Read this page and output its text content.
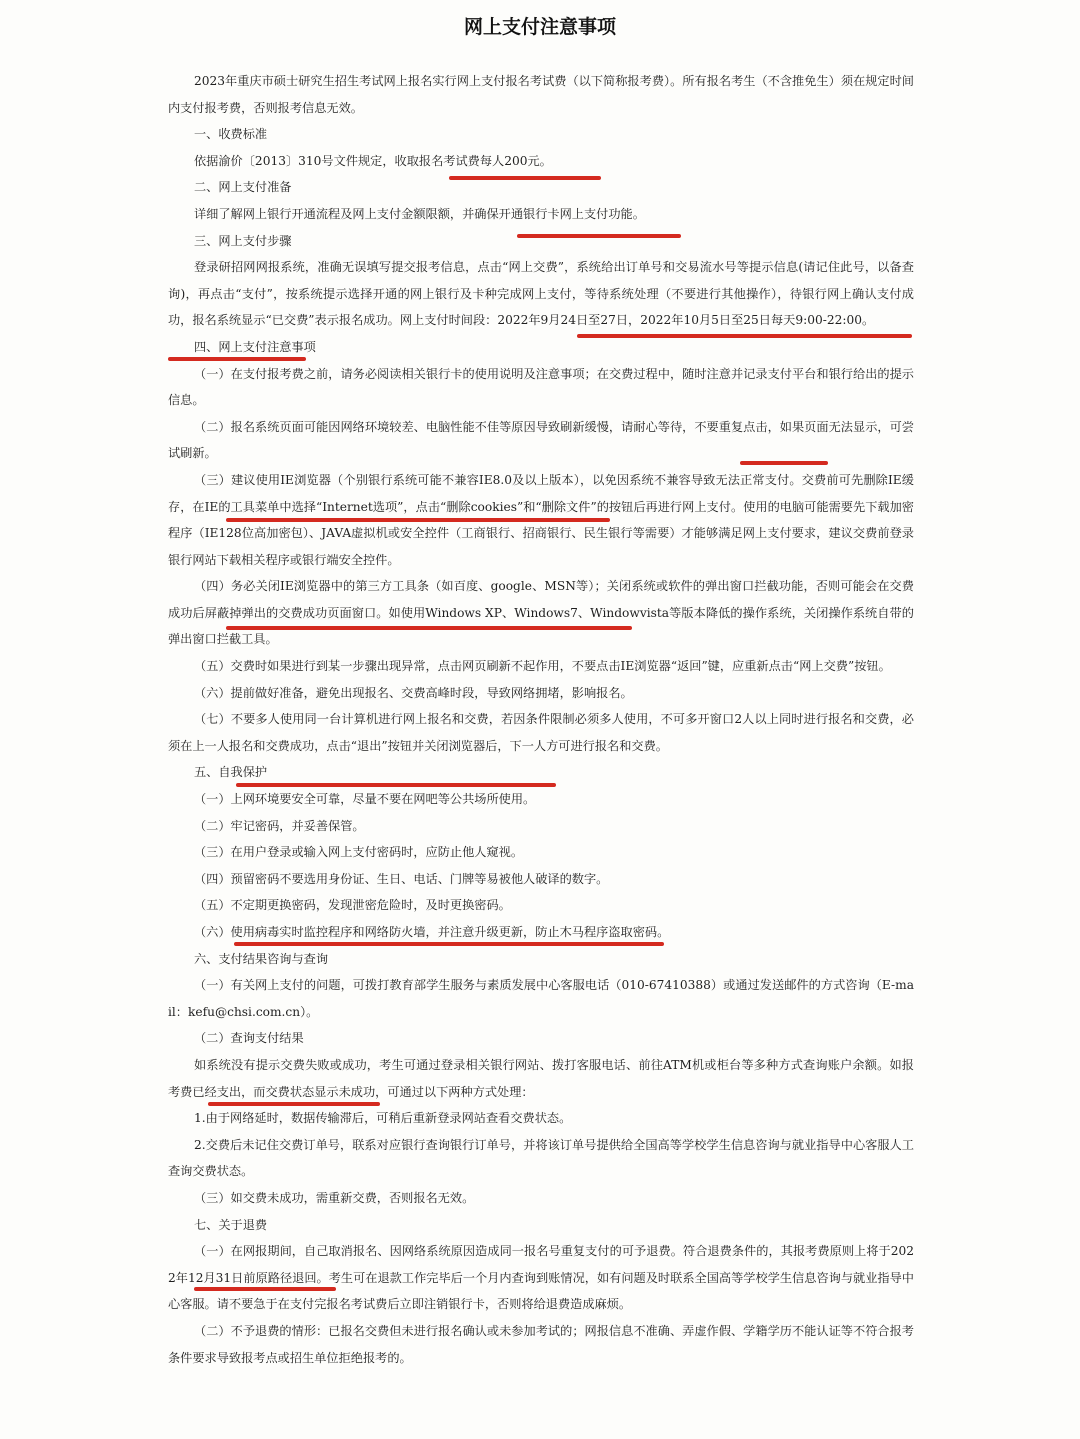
网上支付注意事项

2023年重庆市硕士研究生招生考试网上报名实行网上支付报名考试费（以下简称报考费）。所有报名考生（不含推免生）须在规定时间内支付报考费，否则报考信息无效。

一、收费标准

依据渝价〔2013〕310号文件规定，收取报名考试费每人200元。

二、网上支付准备

详细了解网上银行开通流程及网上支付金额限额，并确保开通银行卡网上支付功能。

三、网上支付步骤

登录研招网网报系统，准确无误填写提交报考信息，点击“网上交费”，系统给出订单号和交易流水号等提示信息(请记住此号，以备查询)，再点击“支付”，按系统提示选择开通的网上银行及卡种完成网上支付，等待系统处理（不要进行其他操作），待银行网上确认支付成功，报名系统显示“已交费”表示报名成功。网上支付时间段：2022年9月24日至27日，2022年10月5日至25日每天9:00-22:00。

四、网上支付注意事项

（一）在支付报考费之前，请务必阅读相关银行卡的使用说明及注意事项；在交费过程中，随时注意并记录支付平台和银行给出的提示信息。

（二）报名系统页面可能因网络环境较差、电脑性能不佳等原因导致刷新缓慢，请耐心等待，不要重复点击，如果页面无法显示，可尝试刷新。

（三）建议使用IE浏览器（个别银行系统可能不兼容IE8.0及以上版本），以免因系统不兼容导致无法正常支付。交费前可先删除IE缓存，在IE的工具菜单中选择“Internet选项”，点击“删除cookies”和“删除文件”的按钮后再进行网上支付。使用的电脑可能需要先下载加密程序（IE128位高加密包）、JAVA虚拟机或安全控件（工商银行、招商银行、民生银行等需要）才能够满足网上支付要求，建议交费前登录银行网站下载相关程序或银行端安全控件。

（四）务必关闭IE浏览器中的第三方工具条（如百度、google、MSN等）；关闭系统或软件的弹出窗口拦截功能，否则可能会在交费成功后屏蔽掉弹出的交费成功页面窗口。如使用Windows XP、Windows7、Windowvista等版本降低的操作系统，关闭操作系统自带的弹出窗口拦截工具。

（五）交费时如果进行到某一步骤出现异常，点击网页刷新不起作用，不要点击IE浏览器“返回”键，应重新点击“网上交费”按钮。

（六）提前做好准备，避免出现报名、交费高峰时段，导致网络拥堵，影响报名。

（七）不要多人使用同一台计算机进行网上报名和交费，若因条件限制必须多人使用，不可多开窗口2人以上同时进行报名和交费，必须在上一人报名和交费成功，点击“退出”按钮并关闭浏览器后，下一人方可进行报名和交费。

五、自我保护

（一）上网环境要安全可靠，尽量不要在网吧等公共场所使用。

（二）牢记密码，并妥善保管。

（三）在用户登录或输入网上支付密码时，应防止他人窥视。

（四）预留密码不要选用身份证、生日、电话、门牌等易被他人破译的数字。

（五）不定期更换密码，发现泄密危险时，及时更换密码。

（六）使用病毒实时监控程序和网络防火墙，并注意升级更新，防止木马程序盗取密码。

六、支付结果咨询与查询

（一）有关网上支付的问题，可拨打教育部学生服务与素质发展中心客服电话（010-67410388）或通过发送邮件的方式咨询（E-mail：kefu@chsi.com.cn）。

（二）查询支付结果

如系统没有提示交费失败或成功，考生可通过登录相关银行网站、拨打客服电话、前往ATM机或柜台等多种方式查询账户余额。如报考费已经支出，而交费状态显示未成功，可通过以下两种方式处理：

1.由于网络延时，数据传输滞后，可稍后重新登录网站查看交费状态。

2.交费后未记住交费订单号，联系对应银行查询银行订单号，并将该订单号提供给全国高等学校学生信息咨询与就业指导中心客服人工查询交费状态。

（三）如交费未成功，需重新交费，否则报名无效。

七、关于退费

（一）在网报期间，自己取消报名、因网络系统原因造成同一报名号重复支付的可予退费。符合退费条件的，其报考费原则上将于2022年12月31日前原路径退回。考生可在退款工作完毕后一个月内查询到账情况，如有问题及时联系全国高等学校学生信息咨询与就业指导中心客服。请不要急于在支付完报名考试费后立即注销银行卡，否则将给退费造成麻烦。

（二）不予退费的情形：已报名交费但未进行报名确认或未参加考试的；网报信息不准确、弄虚作假、学籍学历不能认证等不符合报考条件要求导致报考点或招生单位拒绝报考的。
